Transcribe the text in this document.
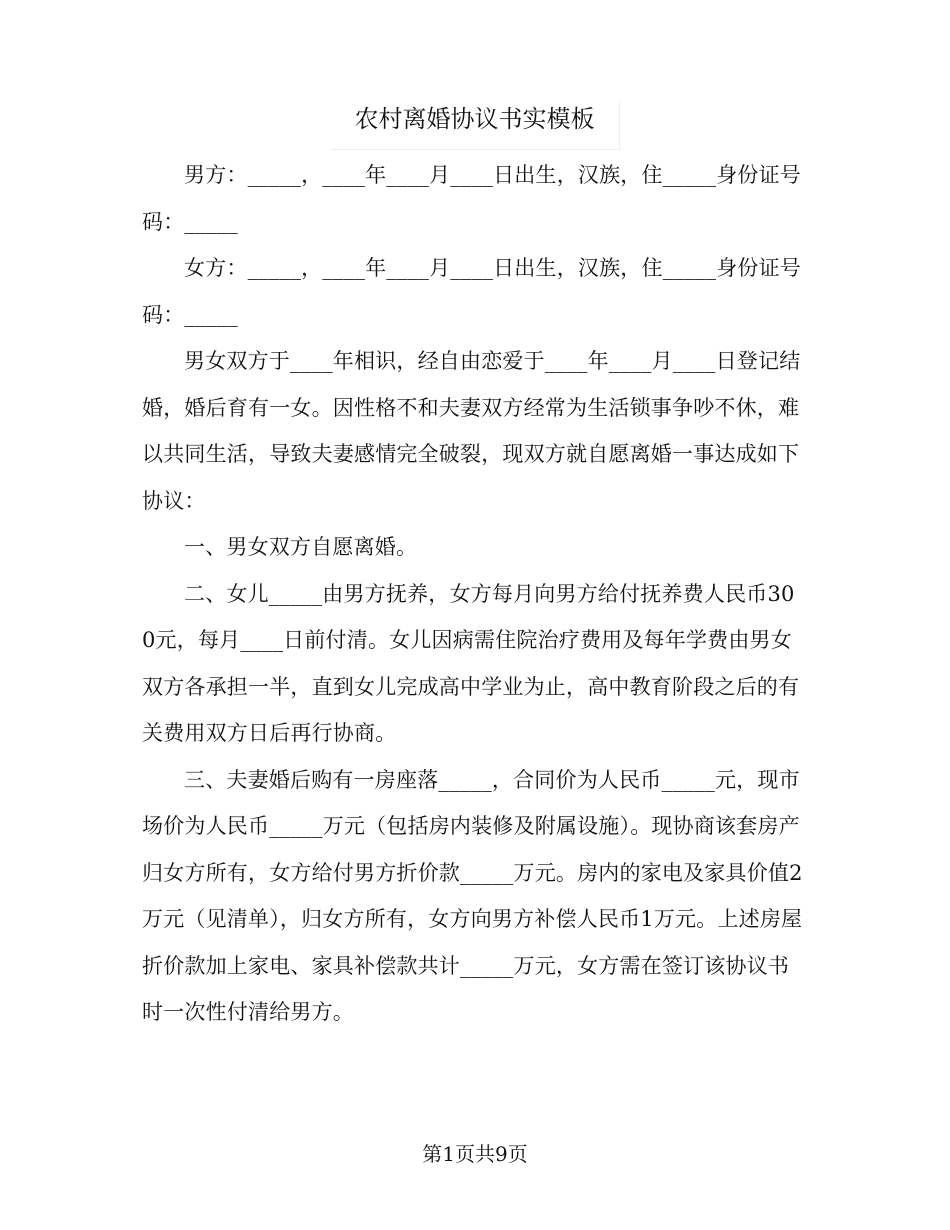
农村离婚协议书实模板

男方：_____，____年____月____日出生，汉族，住_____身份证号码：_____

女方：_____，____年____月____日出生，汉族，住_____身份证号码：_____

男女双方于____年相识，经自由恋爱于____年____月____日登记结婚，婚后育有一女。因性格不和夫妻双方经常为生活锁事争吵不休，难以共同生活，导致夫妻感情完全破裂，现双方就自愿离婚一事达成如下协议：

一、男女双方自愿离婚。

二、女儿_____由男方抚养，女方每月向男方给付抚养费人民币300元，每月____日前付清。女儿因病需住院治疗费用及每年学费由男女双方各承担一半，直到女儿完成高中学业为止，高中教育阶段之后的有关费用双方日后再行协商。

三、夫妻婚后购有一房座落_____，合同价为人民币_____元，现市场价为人民币_____万元（包括房内装修及附属设施）。现协商该套房产归女方所有，女方给付男方折价款_____万元。房内的家电及家具价值2万元（见清单），归女方所有，女方向男方补偿人民币1万元。上述房屋折价款加上家电、家具补偿款共计_____万元，女方需在签订该协议书时一次性付清给男方。

第1页共9页
